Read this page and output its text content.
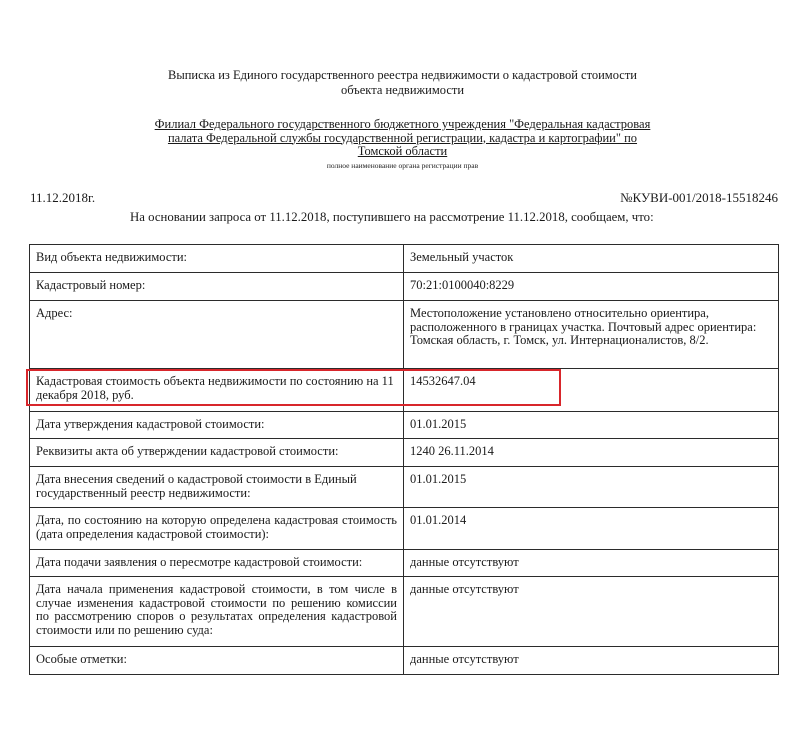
Выписка из Единого государственного реестра недвижимости о кадастровой стоимости
объекта недвижимости
Филиал Федерального государственного бюджетного учреждения "Федеральная кадастровая
палата Федеральной службы государственной регистрации, кадастра и картографии" по
Томской области
полное наименование органа регистрации прав
11.12.2018г.	№КУВИ-001/2018-15518246
На основании запроса от 11.12.2018, поступившего на рассмотрение 11.12.2018, сообщаем, что:
Вид объекта недвижимости:	Земельный участок
Кадастровый номер:	70:21:0100040:8229
Адрес:	Местоположение установлено относительно ориентира, расположенного в границах участка. Почтовый адрес ориентира: Томская область, г. Томск, ул. Интернационалистов, 8/2.
Кадастровая стоимость объекта недвижимости по состоянию на 11 декабря 2018, руб.	14532647.04
Дата утверждения кадастровой стоимости:	01.01.2015
Реквизиты акта об утверждении кадастровой стоимости:	1240 26.11.2014
Дата внесения сведений о кадастровой стоимости в Единый государственный реестр недвижимости:	01.01.2015
Дата, по состоянию на которую определена кадастровая стоимость (дата определения кадастровой стоимости):	01.01.2014
Дата подачи заявления о пересмотре кадастровой стоимости:	данные отсутствуют
Дата начала применения кадастровой стоимости, в том числе в случае изменения кадастровой стоимости по решению комиссии по рассмотрению споров о результатах определения кадастровой стоимости или по решению суда:	данные отсутствуют
Особые отметки:	данные отсутствуют
